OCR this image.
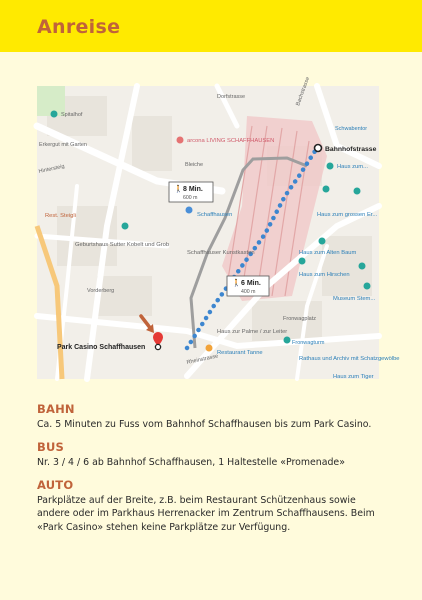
Anreise
Bahnhofstrasse
Park Casino Schaffhausen
🚶 8 Min.
600 m
🚶 6 Min.
400 m
Spitalhof
Erkergut mit Garten
Hintersteig
Dorfstrasse
Bleiche
Bachstrasse
Schwabentor
Vorderberg
Rheinstrasse
Fronwagplatz
Fronwagturm
arcona LIVING SCHAFFHAUSEN
Haus zum...
Haus zum grossen Er...
Schaffhausen
Schaffhauser Kunstkasten	Haus zum Alten Baum
Haus zum Hirschen
Museum Stem...
Geburtshaus Sutter Kobelt und Grob
Rest. Steigli
Haus zur Palme / zur Leiter
Restaurant Tanne
Rathaus und Archiv mit Schatzgewölbe
Haus zum Tiger
BAHN
Ca. 5 Minuten zu Fuss vom Bahnhof Schaffhausen bis zum Park Casino.
BUS
Nr. 3 / 4 / 6 ab Bahnhof Schaffhausen, 1 Haltestelle «Promenade»
AUTO
Parkplätze auf der Breite, z.B. beim Restaurant Schützenhaus sowie andere oder im Parkhaus Herrenacker im Zentrum Schaffhausens. Beim «Park Casino» stehen keine Parkplätze zur Verfügung.
